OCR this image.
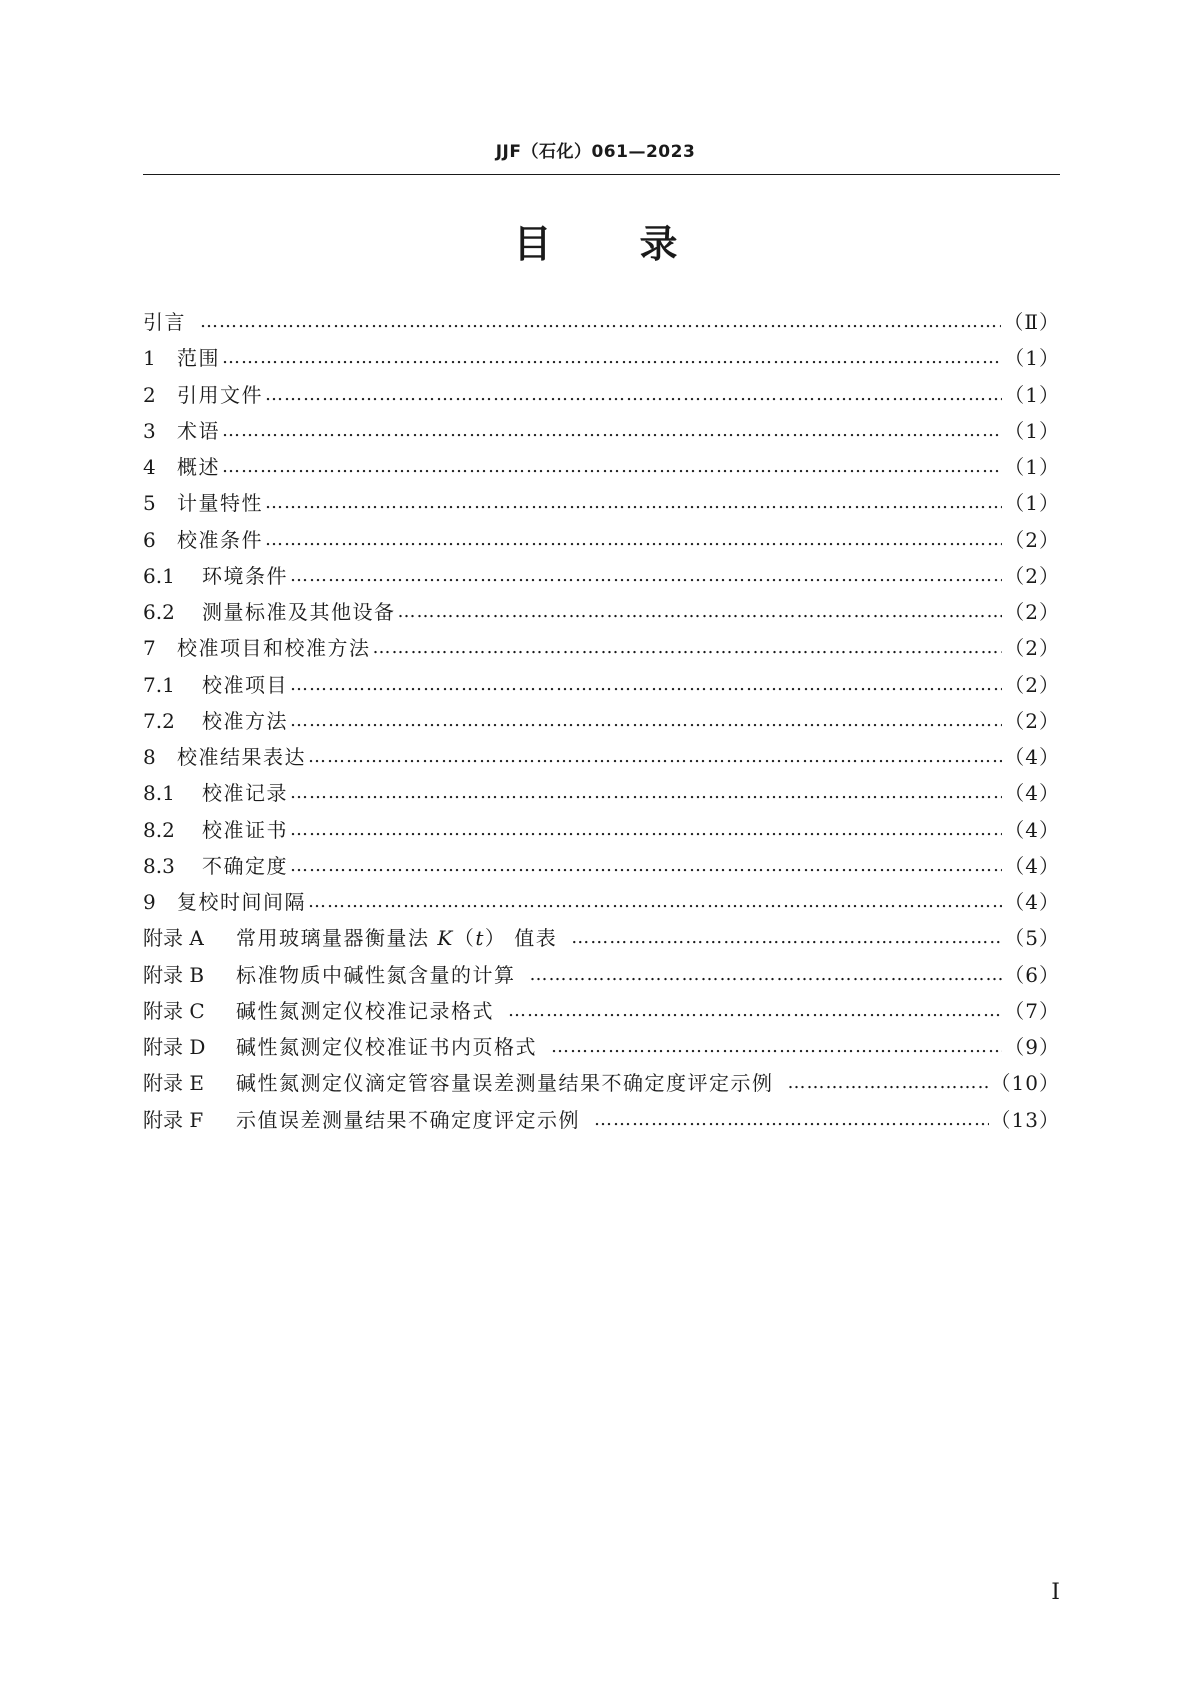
JJF（石化）061—2023
目 录
引言 ………………………………………………………………………………………………………………………………………………………………………………………………………………	（Ⅱ）
1	范围 ………………………………………………………………………………………………………………………………………………………………………………………………………………	（1）
2	引用文件 ………………………………………………………………………………………………………………………………………………………………………………………………………………	（1）
3	术语 ………………………………………………………………………………………………………………………………………………………………………………………………………………	（1）
4	概述 ………………………………………………………………………………………………………………………………………………………………………………………………………………	（1）
5	计量特性 ………………………………………………………………………………………………………………………………………………………………………………………………………………	（1）
6	校准条件 ………………………………………………………………………………………………………………………………………………………………………………………………………………	（2）
6.1	环境条件 ………………………………………………………………………………………………………………………………………………………………………………………………………………	（2）
6.2	测量标准及其他设备 ………………………………………………………………………………………………………………………………………………………………………………………………………………	（2）
7	校准项目和校准方法 ………………………………………………………………………………………………………………………………………………………………………………………………………………	（2）
7.1	校准项目 ………………………………………………………………………………………………………………………………………………………………………………………………………………	（2）
7.2	校准方法 ………………………………………………………………………………………………………………………………………………………………………………………………………………	（2）
8	校准结果表达 ………………………………………………………………………………………………………………………………………………………………………………………………………………	（4）
8.1	校准记录 ………………………………………………………………………………………………………………………………………………………………………………………………………………	（4）
8.2	校准证书 ………………………………………………………………………………………………………………………………………………………………………………………………………………	（4）
8.3	不确定度 ………………………………………………………………………………………………………………………………………………………………………………………………………………	（4）
9	复校时间间隔 ………………………………………………………………………………………………………………………………………………………………………………………………………………	（4）
附录 A	常用玻璃量器衡量法 K（t） 值表 ………………………………………………………………………………………………………………………………………………………………………………………………………………	（5）
附录 B	标准物质中碱性氮含量的计算 ………………………………………………………………………………………………………………………………………………………………………………………………………………	（6）
附录 C	碱性氮测定仪校准记录格式 ………………………………………………………………………………………………………………………………………………………………………………………………………………	（7）
附录 D	碱性氮测定仪校准证书内页格式 ………………………………………………………………………………………………………………………………………………………………………………………………………………	（9）
附录 E	碱性氮测定仪滴定管容量误差测量结果不确定度评定示例 ………………………………………………………………………………………………………………………………………………………………………………………………………………	（10）
附录 F	示值误差测量结果不确定度评定示例 ………………………………………………………………………………………………………………………………………………………………………………………………………………	（13）
I
